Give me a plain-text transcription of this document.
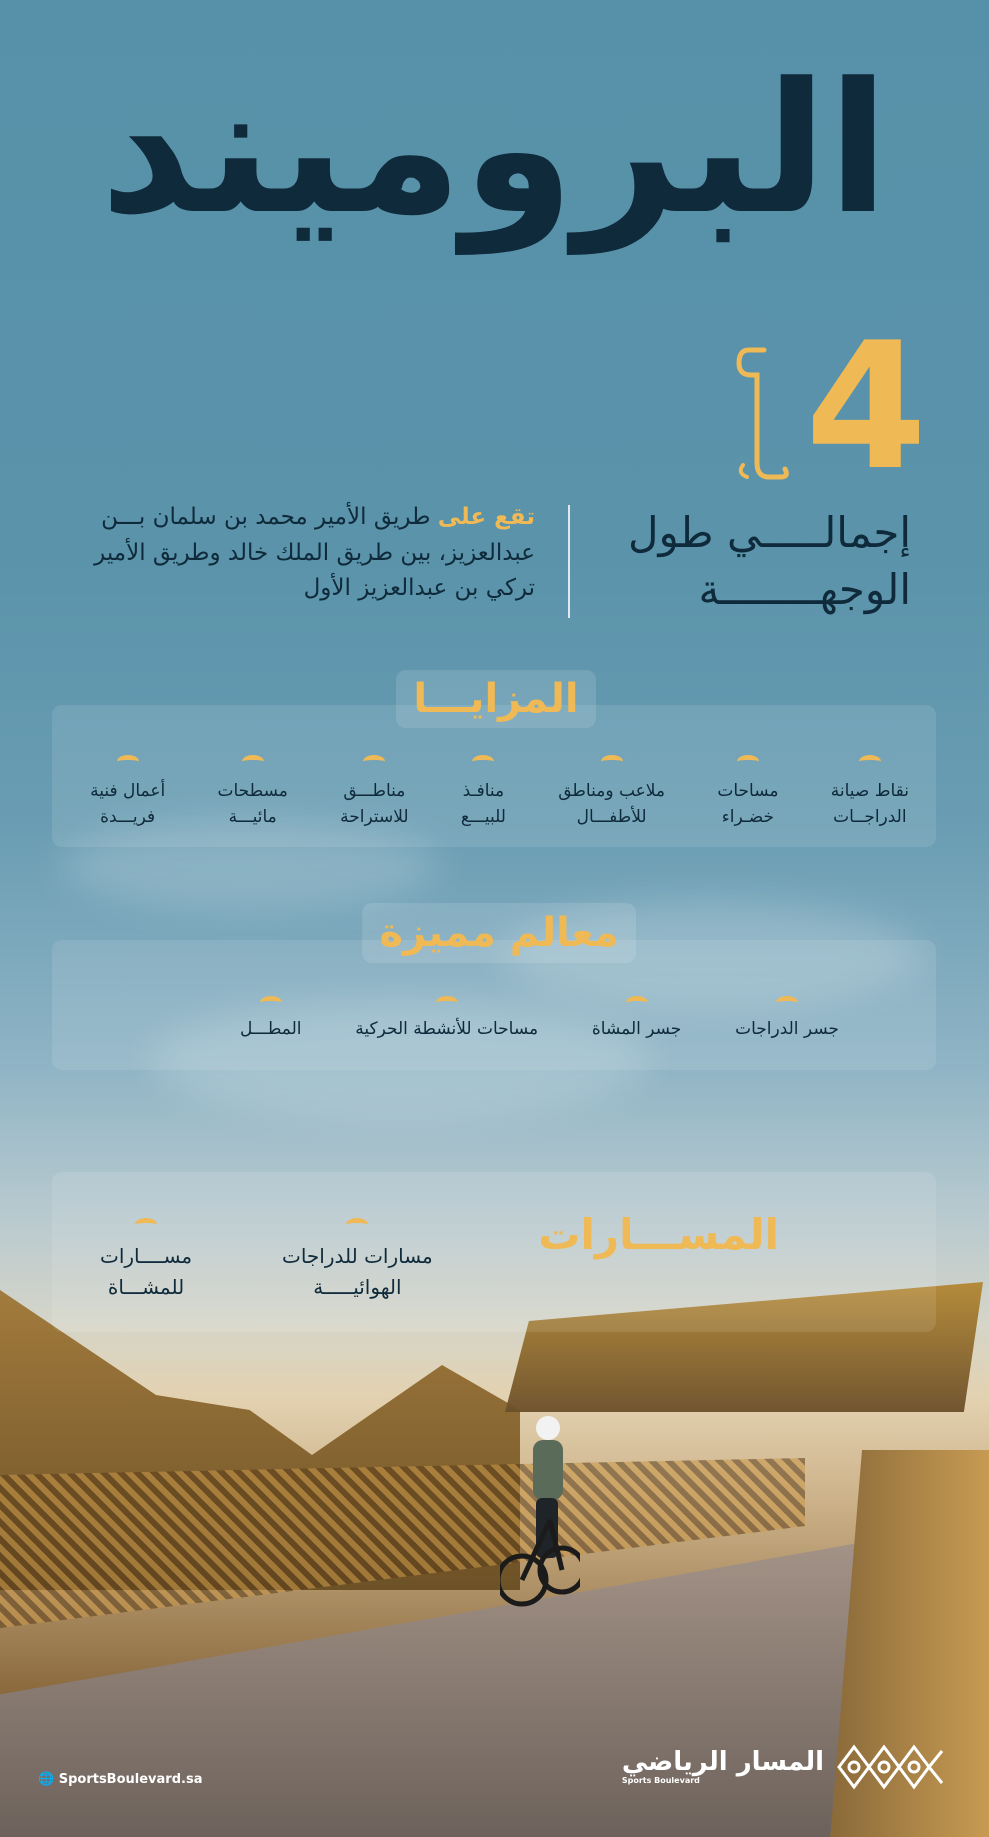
البروميند
4
إجمالـــــي طول الوجهــــــــة
تقع على طريق الأمير محمد بن سلمان بـــن عبدالعزيز، بين طريق الملك خالد وطريق الأمير تركي بن عبدالعزيز الأول
المزايـــا
نقاط صيانة
الدراجــات
مساحات
خضـراء
ملاعب ومناطق
للأطفـــال
منافـذ
للبيـــع
مناطـــق
للاستراحة
مسطحات
مائيـــة
أعمال فنية
فريـــدة
معالم مميزة
جسر الدراجات
جسر المشاة
مساحات للأنشطة الحركية
المطـــل
المســـارات
مسارات للدراجات
الهوائيـــــة
مســــارات
للمشـــاة
🌐 SportsBoulevard.sa
المسار الرياضي
Sports Boulevard
